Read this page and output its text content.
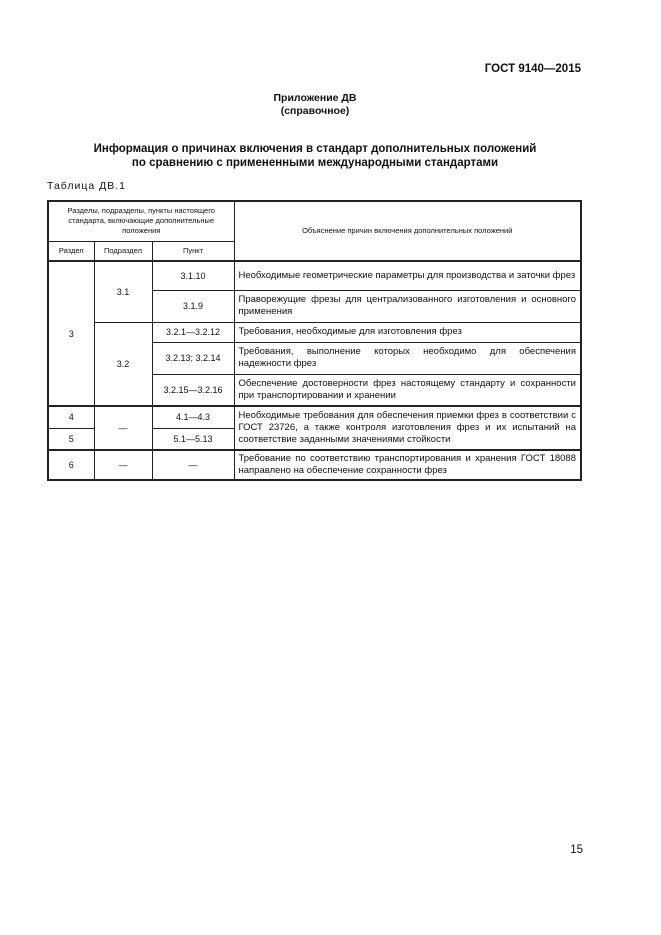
ГОСТ 9140—2015
Приложение ДВ
(справочное)
Информация о причинах включения в стандарт дополнительных положений
по сравнению с примененными международными стандартами
Таблица ДВ.1
Разделы, подразделы, пункты настоящего стандарта, включающие дополнительные положения			Объяснение причин включения дополнительных положений
Раздел	Подраздел	Пункт	
3	3.1	3.1.10	Необходимые геометрические параметры для производства и заточки фрез
		3.1.9	Праворежущие фрезы для централизованного изготовления и основного применения
	3.2	3.2.1—3.2.12	Требования, необходимые для изготовления фрез
		3.2.13; 3.2.14	Требования, выполнение которых необходимо для обеспечения надежности фрез
		3.2.15—3.2.16	Обеспечение достоверности фрез настоящему стандарту и сохранности при транспортировании и хранении
4	—	4.1—4.3	Необходимые требования для обеспечения приемки фрез в соответствии с ГОСТ 23726, а также контроля изготовления фрез и их испытаний на соответствие заданными значениями стойкости
5		5.1—5.13	
6	—	—	Требование по соответствию транспортирования и хранения ГОСТ 18088 направлено на обеспечение сохранности фрез
15
